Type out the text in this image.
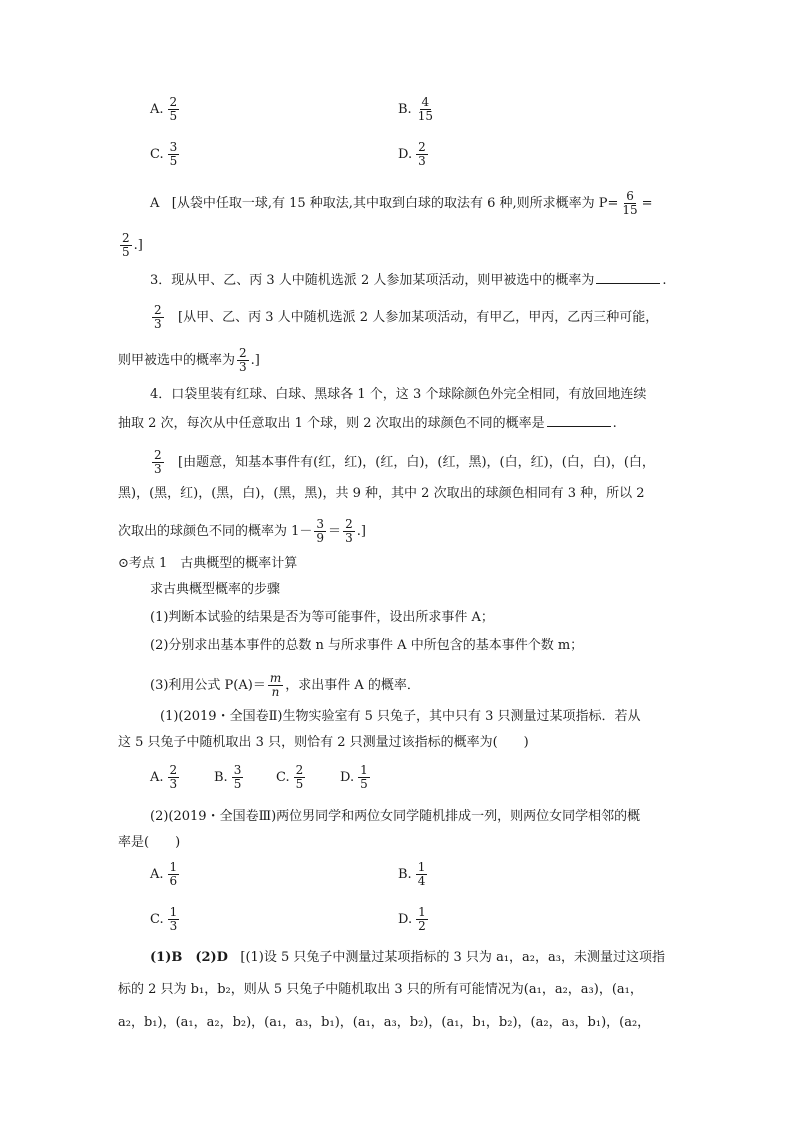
A. $\frac{2}{5}$	B. $\frac{4}{15}$
C. $\frac{3}{5}$	D. $\frac{2}{3}$
A [从袋中任取一球,有 15 种取法,其中取到白球的取法有 6 种,则所求概率为 $P= \frac{6}{15}$ =
$\frac{2}{5}$ .]
3．现从甲、乙、丙 3 人中随机选派 2 人参加某项活动，则甲被选中的概率为	.
$\frac{2}{3}$ [从甲、乙、丙 3 人中随机选派 2 人参加某项活动，有甲乙，甲丙，乙丙三种可能，
则甲被选中的概率为 $\frac{2}{3}$ .]
4．口袋里装有红球、白球、黑球各 1 个，这 3 个球除颜色外完全相同，有放回地连续
抽取 2 次，每次从中任意取出 1 个球，则 2 次取出的球颜色不同的概率是	.
$\frac{2}{3}$ [由题意，知基本事件有(红，红)，(红，白)，(红，黑)，(白，红)，(白，白)，(白，
黑)，(黑，红)，(黑，白)，(黑，黑)，共 9 种，其中 2 次取出的球颜色相同有 3 种，所以 2
次取出的球颜色不同的概率为 $1- \frac{3}{9} = \frac{2}{3}$ .]
⊙考点 1　古典概型的概率计算
求古典概型概率的步骤
(1)判断本试验的结果是否为等可能事件，设出所求事件 A；
(2)分别求出基本事件的总数 n 与所求事件 A 中所包含的基本事件个数 m；
(3)利用公式 $P(A)= \frac{m}{n}$ ，求出事件 A 的概率．
(1)(2019・全国卷Ⅱ)生物实验室有 5 只兔子，其中只有 3 只测量过某项指标．若从
这 5 只兔子中随机取出 3 只，则恰有 2 只测量过该指标的概率为(　　)
A. $\frac{2}{3}$	B. $\frac{3}{5}$	C. $\frac{2}{5}$	D. $\frac{1}{5}$
(2)(2019・全国卷Ⅲ)两位男同学和两位女同学随机排成一列，则两位女同学相邻的概
率是(　　)
A. $\frac{1}{6}$	B. $\frac{1}{4}$
C. $\frac{1}{3}$	D. $\frac{1}{2}$
(1)B　(2)D [(1)设 5 只兔子中测量过某项指标的 3 只为 a₁，a₂，a₃，未测量过这项指
标的 2 只为 b₁，b₂，则从 5 只兔子中随机取出 3 只的所有可能情况为(a₁，a₂，a₃)，(a₁，
a₂，b₁)，(a₁，a₂，b₂)，(a₁，a₃，b₁)，(a₁，a₃，b₂)，(a₁，b₁，b₂)，(a₂，a₃，b₁)，(a₂，
